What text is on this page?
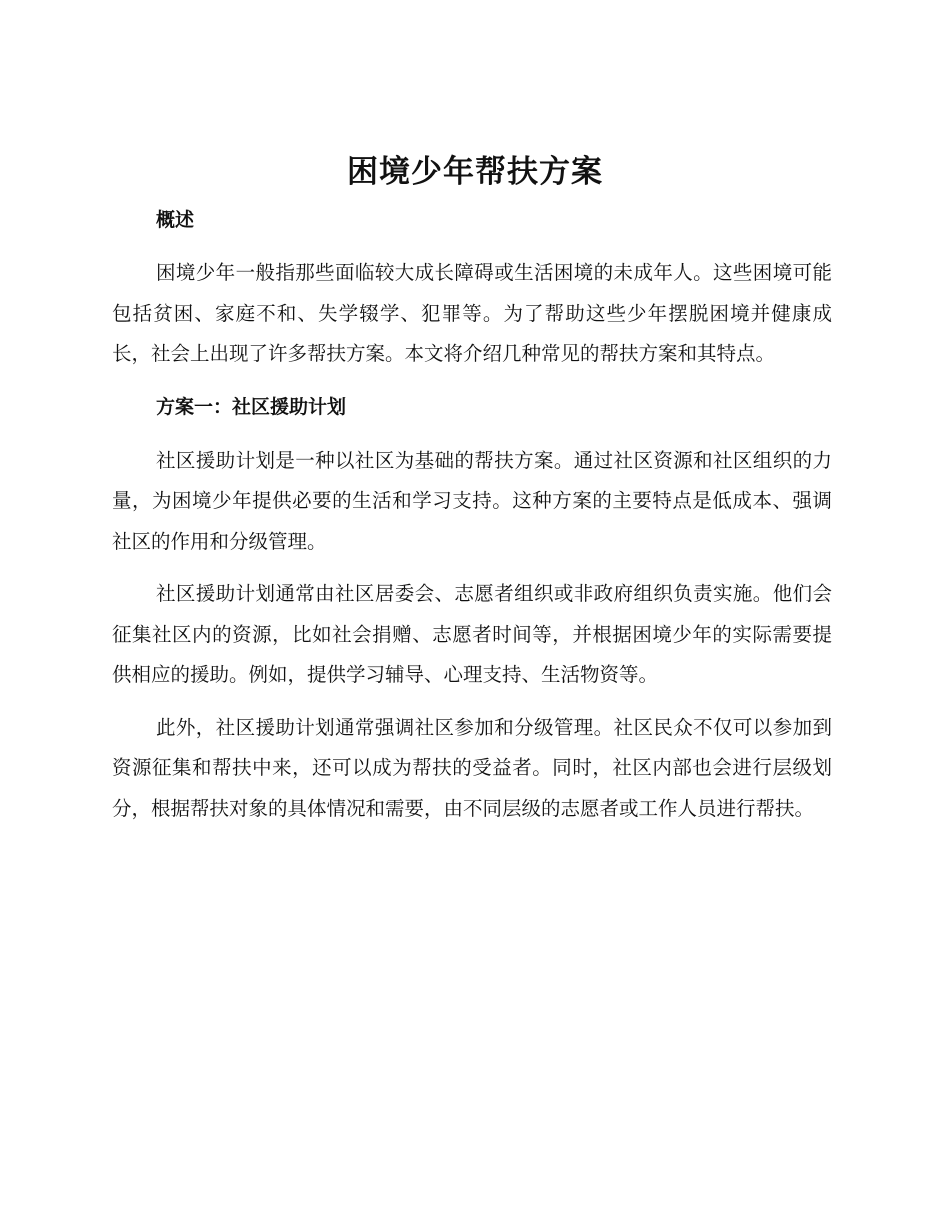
困境少年帮扶方案
概述

困境少年一般指那些面临较大成长障碍或生活困境的未成年人。这些困境可能包括贫困、家庭不和、失学辍学、犯罪等。为了帮助这些少年摆脱困境并健康成长，社会上出现了许多帮扶方案。本文将介绍几种常见的帮扶方案和其特点。

方案一：社区援助计划

社区援助计划是一种以社区为基础的帮扶方案。通过社区资源和社区组织的力量，为困境少年提供必要的生活和学习支持。这种方案的主要特点是低成本、强调社区的作用和分级管理。

社区援助计划通常由社区居委会、志愿者组织或非政府组织负责实施。他们会征集社区内的资源，比如社会捐赠、志愿者时间等，并根据困境少年的实际需要提供相应的援助。例如，提供学习辅导、心理支持、生活物资等。

此外，社区援助计划通常强调社区参加和分级管理。社区民众不仅可以参加到资源征集和帮扶中来，还可以成为帮扶的受益者。同时，社区内部也会进行层级划分，根据帮扶对象的具体情况和需要，由不同层级的志愿者或工作人员进行帮扶。
